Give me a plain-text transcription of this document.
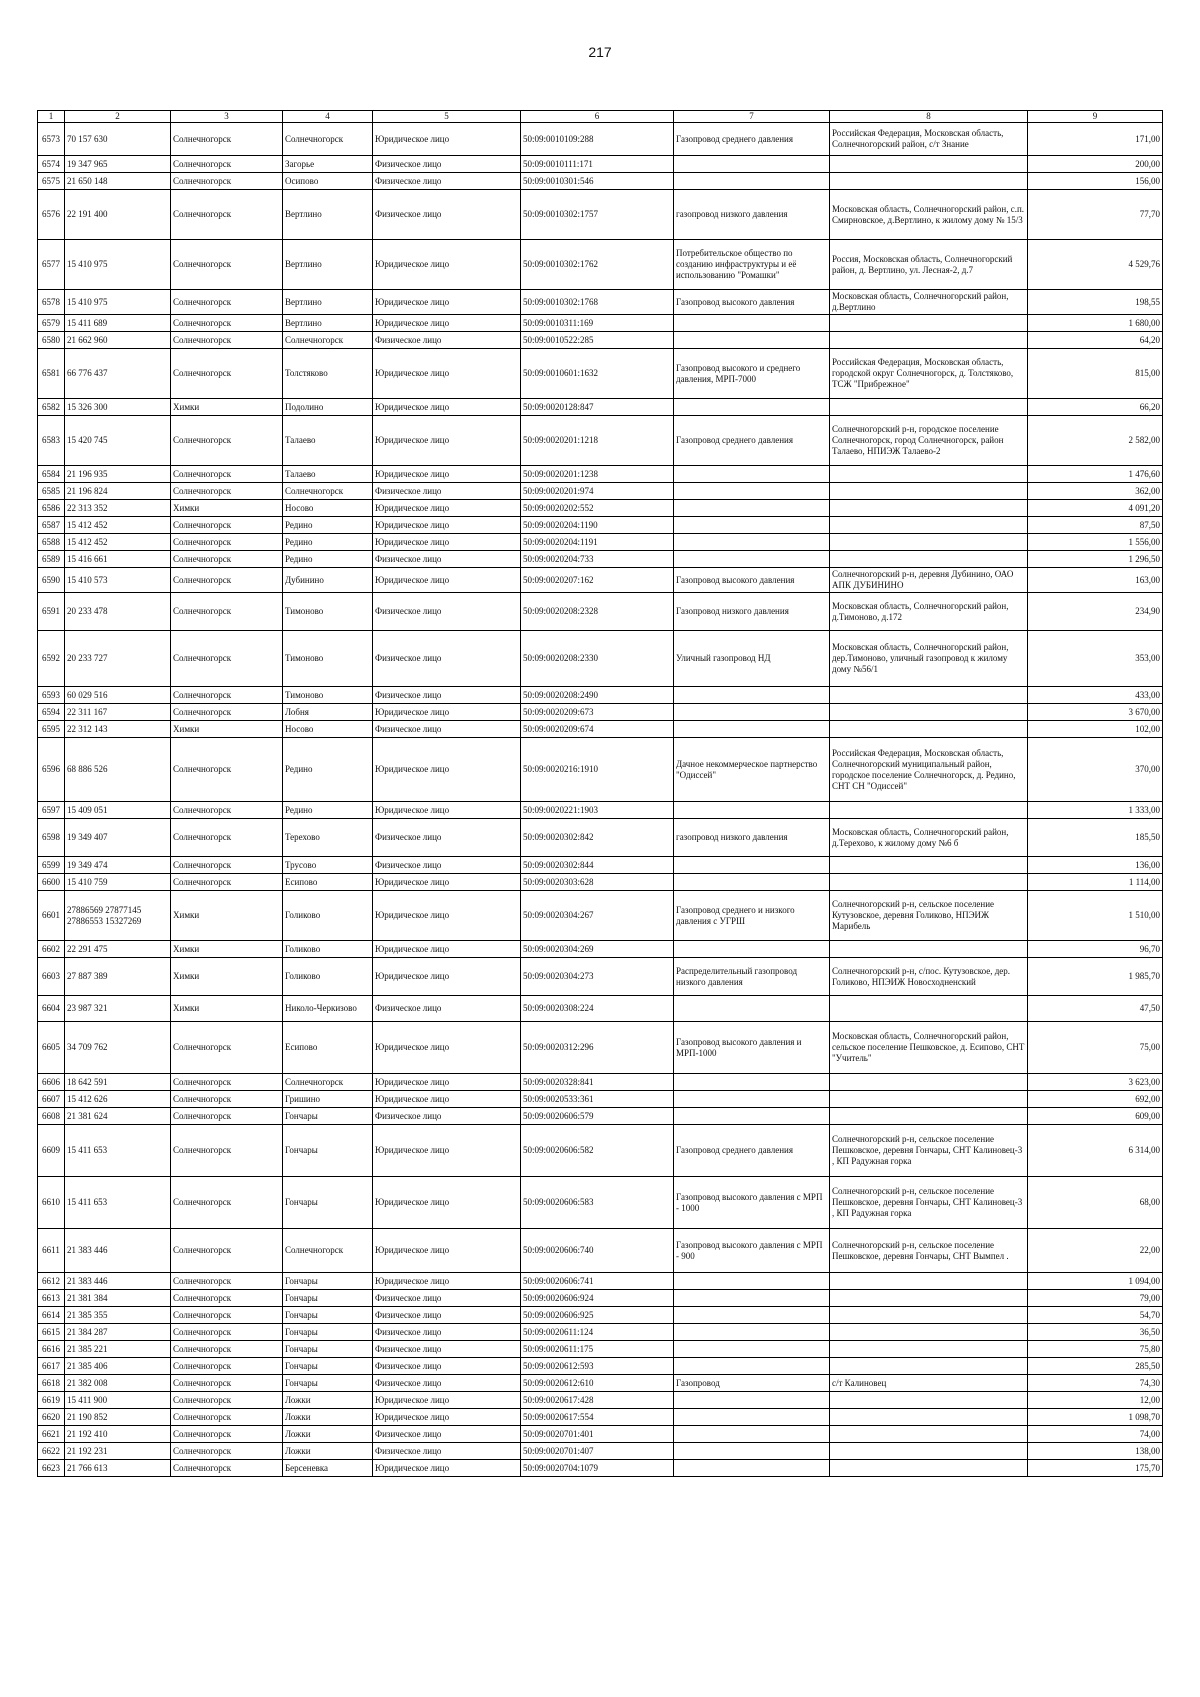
217
1	2	3	4	5	6	7	8	9
6573	70 157 630	Солнечногорск	Солнечногорск	Юридическое лицо	50:09:0010109:288	Газопровод среднего давления	Российская Федерация, Московская область, Солнечногорский район, с/т Знание	171,00
6574	19 347 965	Солнечногорск	Загорье	Физическое лицо	50:09:0010111:171			200,00
6575	21 650 148	Солнечногорск	Осипово	Физическое лицо	50:09:0010301:546			156,00
6576	22 191 400	Солнечногорск	Вертлино	Физическое лицо	50:09:0010302:1757	газопровод низкого давления	Московская область, Солнечногорский район, с.п. Смирновское, д.Вертлино, к жилому дому № 15/3	77,70
6577	15 410 975	Солнечногорск	Вертлино	Юридическое лицо	50:09:0010302:1762	Потребительское общество по созданию инфраструктуры и её использованию "Ромашки"	Россия, Московская область, Солнечногорский район, д. Вертлино, ул. Лесная-2, д.7	4 529,76
6578	15 410 975	Солнечногорск	Вертлино	Юридическое лицо	50:09:0010302:1768	Газопровод высокого давления	Московская область, Солнечногорский район, д.Вертлино	198,55
6579	15 411 689	Солнечногорск	Вертлино	Юридическое лицо	50:09:0010311:169			1 680,00
6580	21 662 960	Солнечногорск	Солнечногорск	Физическое лицо	50:09:0010522:285			64,20
6581	66 776 437	Солнечногорск	Толстяково	Юридическое лицо	50:09:0010601:1632	Газопровод высокого и среднего давления, МРП-7000	Российская Федерация, Московская область, городской округ Солнечногорск, д. Толстяково, ТСЖ "Прибрежное"	815,00
6582	15 326 300	Химки	Подолино	Юридическое лицо	50:09:0020128:847			66,20
6583	15 420 745	Солнечногорск	Талаево	Юридическое лицо	50:09:0020201:1218	Газопровод среднего давления	Солнечногорский р-н, городское поселение Солнечногорск, город Солнечногорск, район Талаево, НПИЭЖ Талаево-2	2 582,00
6584	21 196 935	Солнечногорск	Талаево	Юридическое лицо	50:09:0020201:1238			1 476,60
6585	21 196 824	Солнечногорск	Солнечногорск	Физическое лицо	50:09:0020201:974			362,00
6586	22 313 352	Химки	Носово	Юридическое лицо	50:09:0020202:552			4 091,20
6587	15 412 452	Солнечногорск	Редино	Юридическое лицо	50:09:0020204:1190			87,50
6588	15 412 452	Солнечногорск	Редино	Юридическое лицо	50:09:0020204:1191			1 556,00
6589	15 416 661	Солнечногорск	Редино	Физическое лицо	50:09:0020204:733			1 296,50
6590	15 410 573	Солнечногорск	Дубинино	Юридическое лицо	50:09:0020207:162	Газопровод высокого давления	Солнечногорский р-н, деревня Дубинино, ОАО АПК ДУБИНИНО	163,00
6591	20 233 478	Солнечногорск	Тимоново	Физическое лицо	50:09:0020208:2328	Газопровод низкого давления	Московская область, Солнечногорский район, д.Тимоново, д.172	234,90
6592	20 233 727	Солнечногорск	Тимоново	Физическое лицо	50:09:0020208:2330	Уличный газопровод НД	Московская область, Солнечногорский район, дер.Тимоново, уличный газопровод к жилому дому №56/1	353,00
6593	60 029 516	Солнечногорск	Тимоново	Физическое лицо	50:09:0020208:2490			433,00
6594	22 311 167	Солнечногорск	Лобня	Юридическое лицо	50:09:0020209:673			3 670,00
6595	22 312 143	Химки	Носово	Физическое лицо	50:09:0020209:674			102,00
6596	68 886 526	Солнечногорск	Редино	Юридическое лицо	50:09:0020216:1910	Дачное некоммерческое партнерство "Одиссей"	Российская Федерация, Московская область, Солнечногорский муниципальный район, городское поселение Солнечногорск, д. Редино, СНТ СН "Одиссей"	370,00
6597	15 409 051	Солнечногорск	Редино	Юридическое лицо	50:09:0020221:1903			1 333,00
6598	19 349 407	Солнечногорск	Терехово	Физическое лицо	50:09:0020302:842	газопровод низкого давления	Московская область, Солнечногорский район, д.Терехово, к жилому дому №6 б	185,50
6599	19 349 474	Солнечногорск	Трусово	Физическое лицо	50:09:0020302:844			136,00
6600	15 410 759	Солнечногорск	Есипово	Юридическое лицо	50:09:0020303:628			1 114,00
6601	27886569 27877145 27886553 15327269	Химки	Голиково	Юридическое лицо	50:09:0020304:267	Газопровод среднего и низкого давления с УГРШ	Солнечногорский р-н, сельское поселение Кутузовское, деревня Голиково, НПЭИЖ Марибель	1 510,00
6602	22 291 475	Химки	Голиково	Юридическое лицо	50:09:0020304:269			96,70
6603	27 887 389	Химки	Голиково	Юридическое лицо	50:09:0020304:273	Распределительный газопровод низкого давления	Солнечногорский р-н, с/пос. Кутузовское, дер. Голиково, НПЭИЖ Новосходненский	1 985,70
6604	23 987 321	Химки	Николо-Черкизово	Физическое лицо	50:09:0020308:224			47,50
6605	34 709 762	Солнечногорск	Есипово	Юридическое лицо	50:09:0020312:296	Газопровод высокого давления и МРП-1000	Московская область, Солнечногорский район, сельское поселение Пешковское, д. Есипово, СНТ "Учитель"	75,00
6606	18 642 591	Солнечногорск	Солнечногорск	Юридическое лицо	50:09:0020328:841			3 623,00
6607	15 412 626	Солнечногорск	Гришино	Юридическое лицо	50:09:0020533:361			692,00
6608	21 381 624	Солнечногорск	Гончары	Физическое лицо	50:09:0020606:579			609,00
6609	15 411 653	Солнечногорск	Гончары	Юридическое лицо	50:09:0020606:582	Газопровод среднего давления	Солнечногорский р-н, сельское поселение Пешковское, деревня Гончары, СНТ Калиновец-3 , КП Радужная горка	6 314,00
6610	15 411 653	Солнечногорск	Гончары	Юридическое лицо	50:09:0020606:583	Газопровод высокого давления с МРП - 1000	Солнечногорский р-н, сельское поселение Пешковское, деревня Гончары, СНТ Калиновец-3 , КП Радужная горка	68,00
6611	21 383 446	Солнечногорск	Солнечногорск	Юридическое лицо	50:09:0020606:740	Газопровод высокого давления с МРП - 900	Солнечногорский р-н, сельское поселение Пешковское, деревня Гончары, СНТ Вымпел .	22,00
6612	21 383 446	Солнечногорск	Гончары	Юридическое лицо	50:09:0020606:741			1 094,00
6613	21 381 384	Солнечногорск	Гончары	Физическое лицо	50:09:0020606:924			79,00
6614	21 385 355	Солнечногорск	Гончары	Физическое лицо	50:09:0020606:925			54,70
6615	21 384 287	Солнечногорск	Гончары	Физическое лицо	50:09:0020611:124			36,50
6616	21 385 221	Солнечногорск	Гончары	Физическое лицо	50:09:0020611:175			75,80
6617	21 385 406	Солнечногорск	Гончары	Физическое лицо	50:09:0020612:593			285,50
6618	21 382 008	Солнечногорск	Гончары	Физическое лицо	50:09:0020612:610	Газопровод	с/т Калиновец	74,30
6619	15 411 900	Солнечногорск	Ложки	Юридическое лицо	50:09:0020617:428			12,00
6620	21 190 852	Солнечногорск	Ложки	Юридическое лицо	50:09:0020617:554			1 098,70
6621	21 192 410	Солнечногорск	Ложки	Физическое лицо	50:09:0020701:401			74,00
6622	21 192 231	Солнечногорск	Ложки	Физическое лицо	50:09:0020701:407			138,00
6623	21 766 613	Солнечногорск	Берсеневка	Юридическое лицо	50:09:0020704:1079			175,70
